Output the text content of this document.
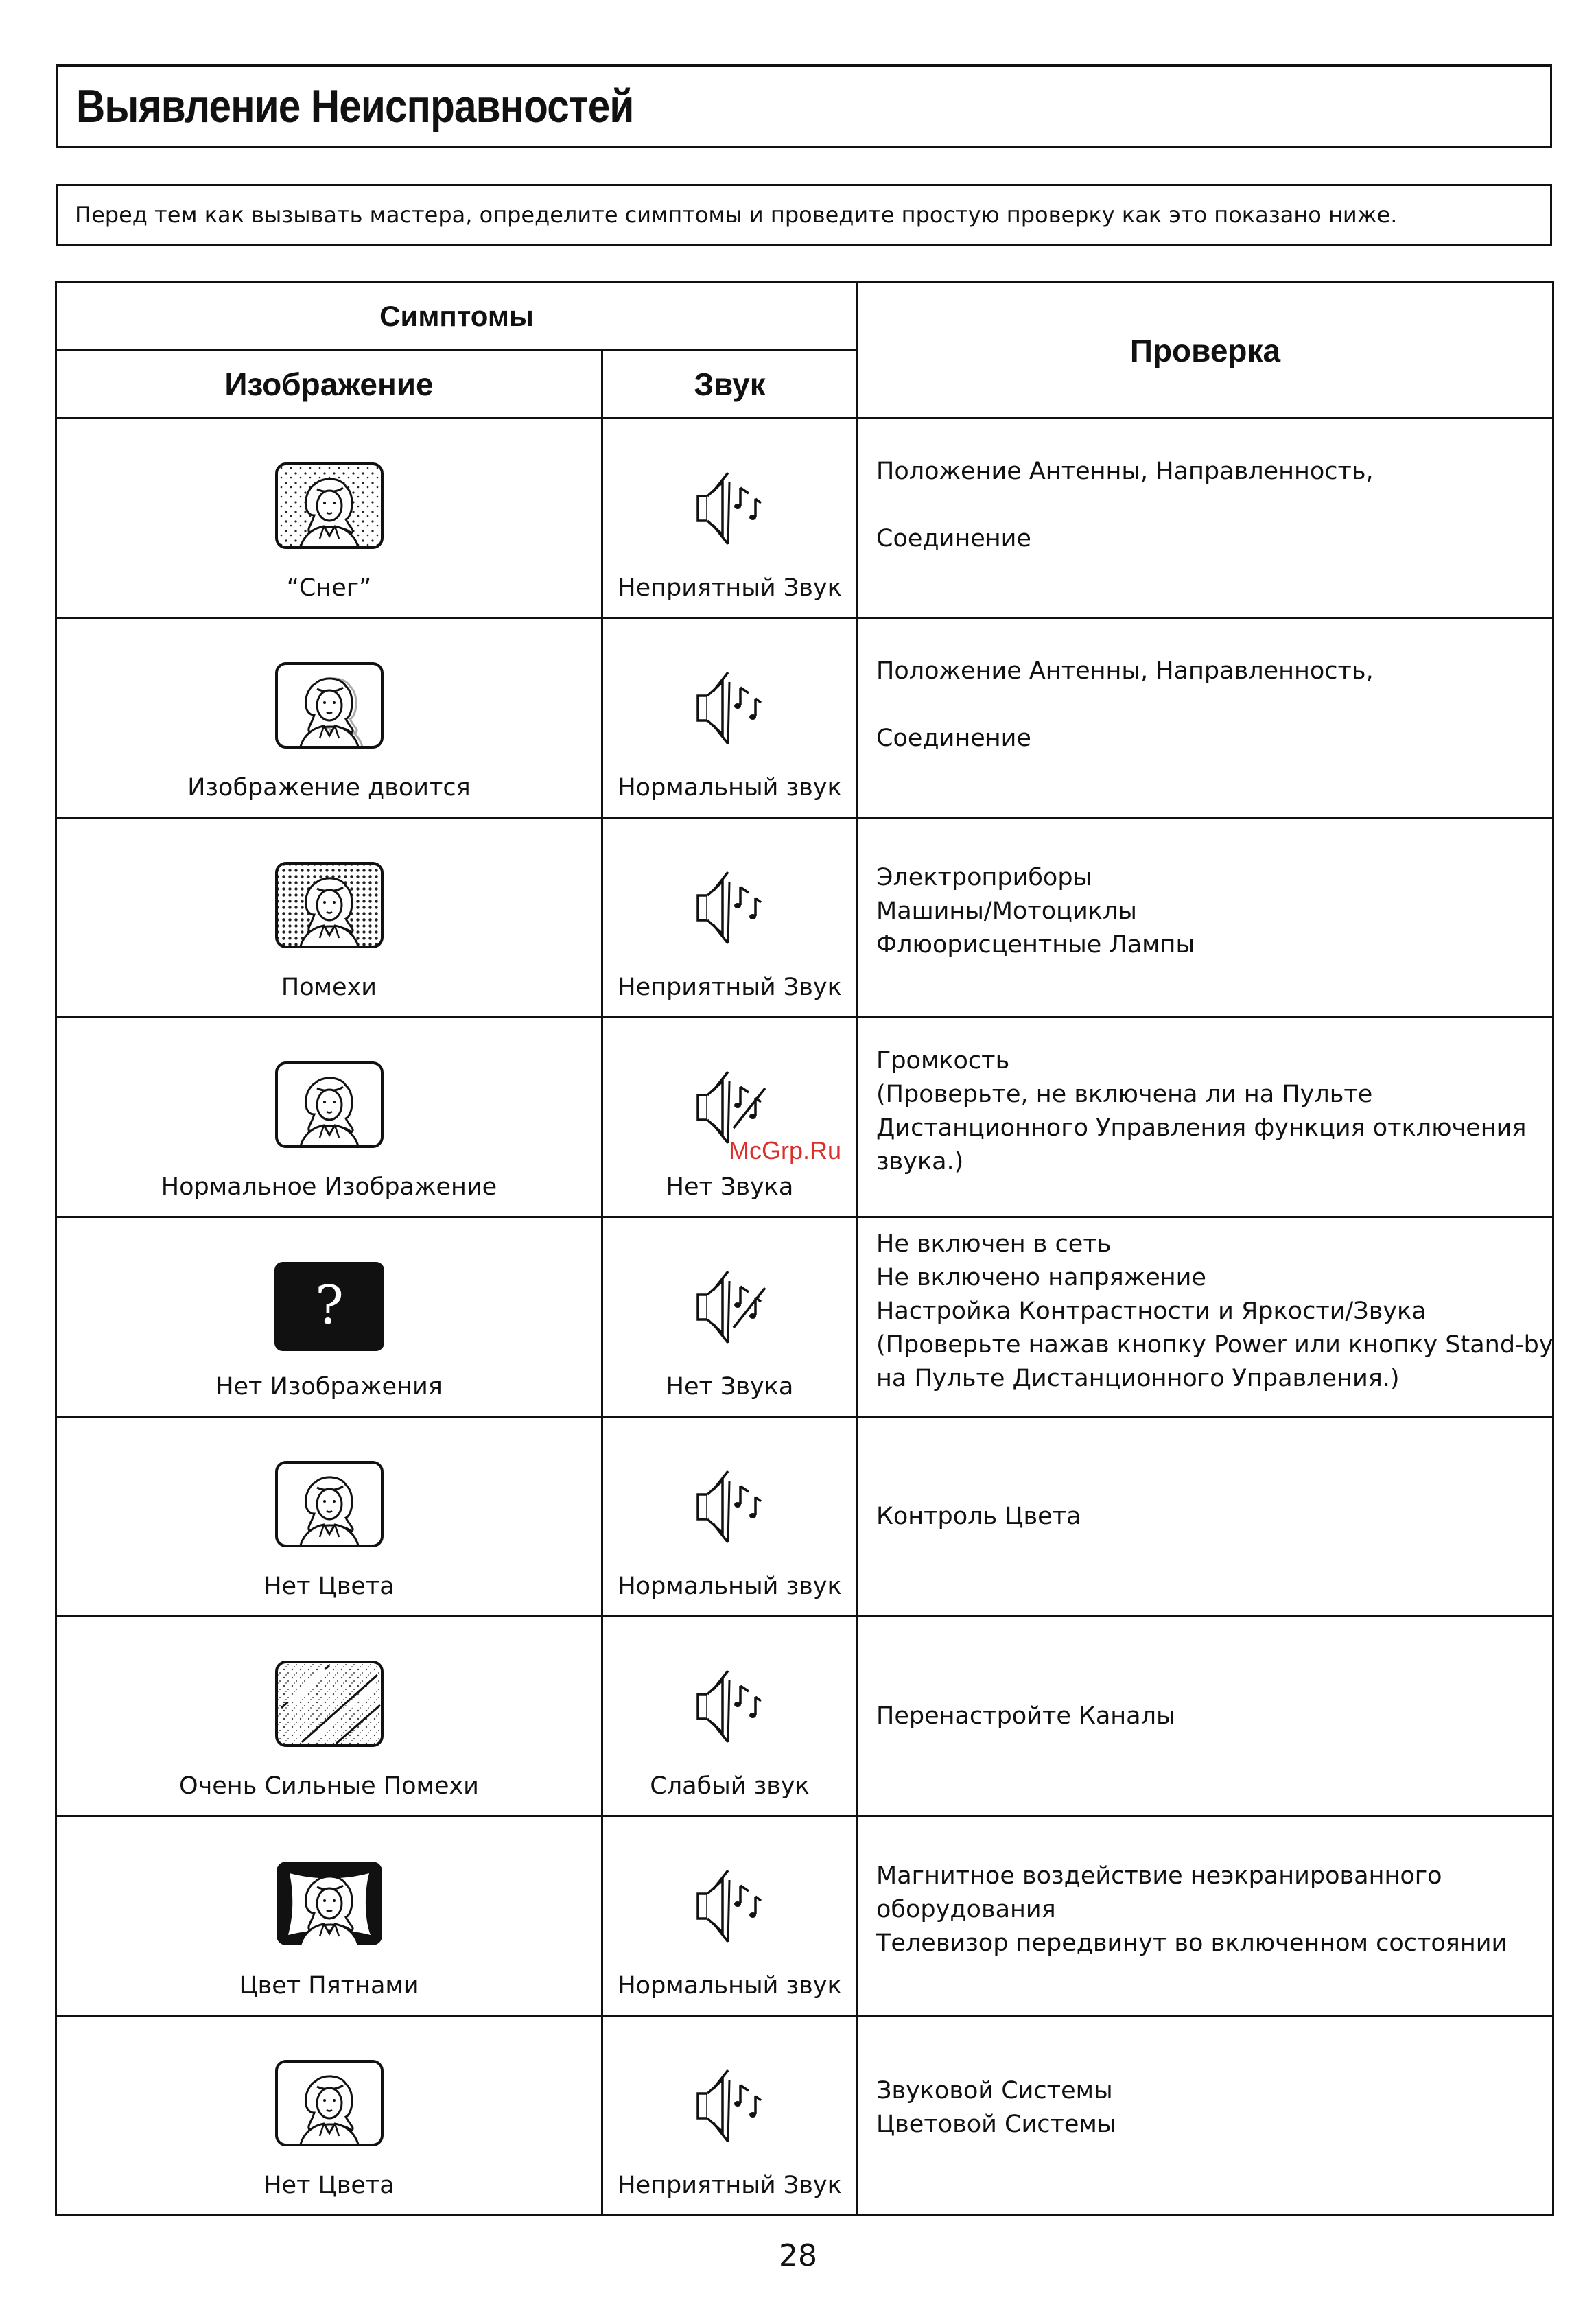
Выявление Неисправностей
Перед тем как вызывать мастера, определите симптомы и проведите простую проверку как это показано ниже.
Симптомы		Проверка
Изображение	Звук	

“Снег”	Неприятный Звук	Положение Антенны, Направленность,
Соединение

Изображение двоится	Нормальный звук	Положение Антенны, Направленность,
Соединение

Помехи	Неприятный Звук	Электроприборы
Машины/Мотоциклы
Флюорисцентные Лампы

Нормальное Изображение	Нет Звука	Громкость
(Проверьте, не включена ли на Пульте
Дистанционного Управления функция отключения
звука.)

?
Нет Изображения	Нет Звука	Не включен в сеть
Не включено напряжение
Настройка Контрастности и Яркости/Звука
(Проверьте нажав кнопку Power или кнопку Stand-by
на Пульте Дистанционного Управления.)

Нет Цвета	Нормальный звук	Контроль Цвета

Очень Сильные Помехи	Слабый звук	Перенастройте Каналы

Цвет Пятнами	Нормальный звук	Магнитное воздействие неэкранированного
оборудования
Телевизор передвинут во включенном состоянии

Нет Цвета	Неприятный Звук	Звуковой Системы
Цветовой Системы
McGrp.Ru
28
